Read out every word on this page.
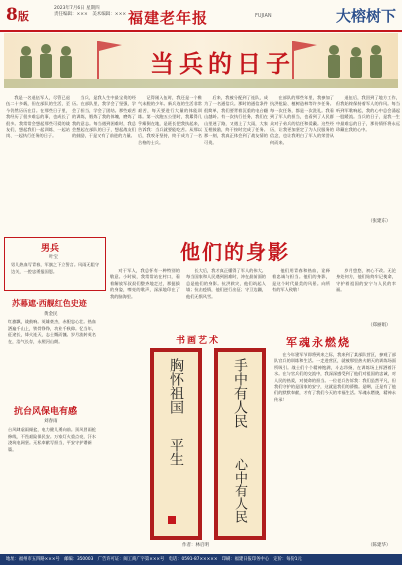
8版
2023年7月6日 星期四
责任编辑：×××　美术编辑：××× 福建老年报	FUJIAN	大榕树下
当兵的日子

我是一名退伍军人，尽管已退伍二十多载，但在部队的生活，至今仍然历历在目。在那些日子里，我经历了很多难忘的事，也成长了很多。我常常会想起那些可爱的战友们，想起我们一起训练、一起站岗、一起执行任务的日子。

当兵，是我人生中最宝贵的经历。在部队里，我学会了坚强，学会了担当，学会了团结。那些艰苦的训练，锻炼了我的体魄，磨炼了我的意志。每当遇到困难时，我总会想起在部队的日子，想起战友们的鼓励，于是又有了前进的力量。

记得刚入伍时，我还是一个稚气未脱的少年。新兵连的生活非常艰苦，每天要进行大量的体能训练。第一次跑五公里时，我累得几乎瘫倒在地，是班长把我扶起来，告诉我：当兵就要能吃苦。从那以后，我咬牙坚持，终于成为了一名合格的士兵。

后来，我被分配到了连队，成为了一名通信兵。那时的通信条件很简单，我们要背着沉重的电台翻山越岭。有一次执行任务，我们在山里迷了路，又遇上了大雨，大家互相鼓励，终于按时完成了任务。那一刻，我真正体会到了战友情的可贵。

在部队的那些年里，我参加了抗洪抢险、植树造林等许多任务。每一次任务，都是一次洗礼。我看到了军人的担当，也看到了人民群众对子弟兵的信任和爱戴。这些经历，让我更加坚定了为人民服务的信念，也让我明白了军人的荣誉从何而来。

退伍后，我回到了地方工作，但我始终保持着军人的作风。每当听到军歌响起，我的心中总会涌起一股暖流。当兵的日子，是我一生中最难忘的日子，那份情怀将永远珍藏在我的心中。

（张建东）
男兵
叶宝
男儿热血写青春，军旗之下立誓言。风雨无阻守边关，一腔忠勇报国恩。
苏幕遮·西舰红色史迹
黄金民
红旗飘，战鼓响。英雄豪杰，赤胆忠心壮。热血洒遍千山上，铁骨铮铮，功业千秋仰。忆当年，征途长，烽火连天，志士慨而慷。岁月流转英名在，浩气长存，永照河山朗。
抗台风保电有感
刘春雨
台风肆虐雨倾盆，电力健儿勇向前。顶风冒雨抢修线，不畏艰险保民安。万家灯火重点亮，汗水浇筑电网坚。无私奉献写担当，平安守护谱新篇。
他们的身影

对于军人，我总怀有一种特别的敬意。小时候，我常常站在村口，看着解放军叔叔们整齐地走过，那挺拔的身姿，嘹亮的歌声，深深地印在了我的脑海里。

长大后，我才真正懂得了军人的伟大。每当国家和人民遇到困难时，冲在最前面的总是他们的身影。抗洪救灾，他们筑起人墙；抗击疫情，他们逆行出征；守卫边疆，他们无惧风雪。

他们用青春和热血，诠释着忠诚与担当。他们的身影，是这个时代最美的风景。向所有的军人致敬！

岁月悠悠，初心不改。无论身处何方，他们始终牢记使命，守护着祖国的安宁与人民的幸福。

（郑丽娟）
书画艺术
胸怀祖国
平生
手中有人民
心中有人民
作者：林启明
军魂永燃烧

在今年建军节即将到来之际，我来到了某部队营区，参观了部队官兵的训练和生活。一走进营区，就被那里热火朝天的训练场面所吸引。战士们个个精神饱满，斗志昂扬，在训练场上挥洒着汗水。在与官兵们的交流中，我深深感受到了他们对祖国的忠诚，对人民的热爱，对使命的担当。一位老兵告诉我：我们虽然平凡，但我们守护的是国家的安宁，这就是我们的骄傲。是啊，正是有了他们的默默奉献，才有了我们今天的幸福生活。军魂永燃烧，精神永传承！

（陈建华）
地址：福州市五四路×××号　邮编：350003　广告许可证：闽工商广字第×××号　电话：0591-87×××××　印刷：福建日报印务中心　定价：每份1元
